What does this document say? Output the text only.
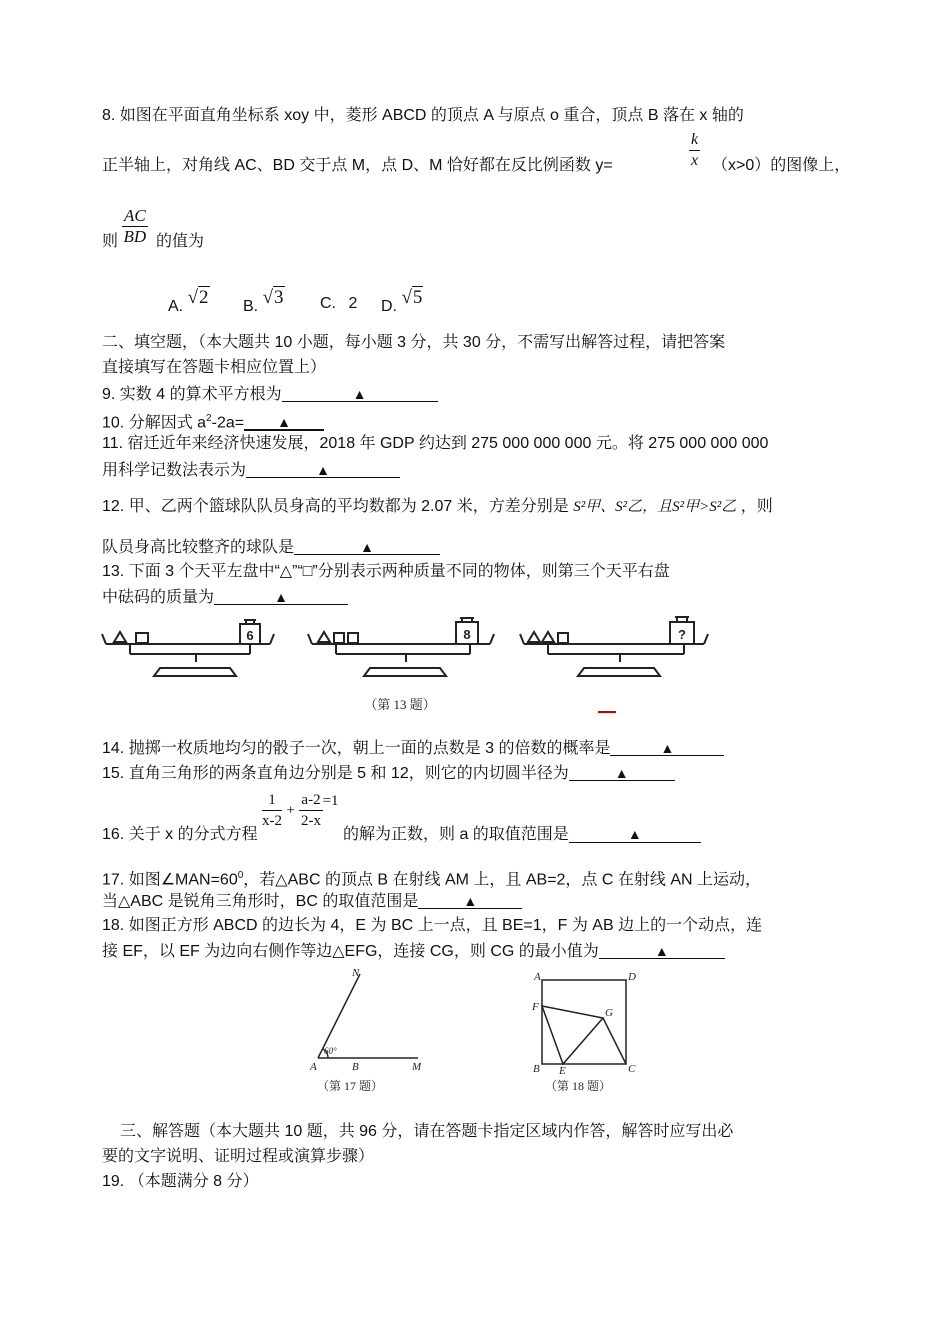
8. 如图在平面直角坐标系 xoy 中，菱形 ABCD 的顶点 A 与原点 o 重合，顶点 B 落在 x 轴的
$\frac{k}{x}$
正半轴上，对角线 AC、BD 交于点 M，点 D、M 恰好都在反比例函数 y=	（x>0）的图像上，
$\frac{AC}{BD}$
则 的值为
A. √2 B. √3 C. 2 D. √5
二、填空题，（本大题共 10 小题，每小题 3 分，共 30 分，不需写出解答过程，请把答案
直接填写在答题卡相应位置上）
9. 实数 4 的算术平方根为	▲
10. 分解因式 $a^2-2a=$ ▲
11. 宿迁近年来经济快速发展，2018 年 GDP 约达到 275 000 000 000 元。将 275 000 000 000
用科学记数法表示为	▲
12. 甲、乙两个篮球队队员身高的平均数都为 2.07 米，方差分别是 S²甲、S²乙，且S²甲>S²乙 ，则
队员身高比较整齐的球队是	▲
13. 下面 3 个天平左盘中“△”“□”分别表示两种质量不同的物体，则第三个天平右盘
中砝码的质量为	▲
6	8	?
（第 13 题）
14. 抛掷一枚质地均匀的骰子一次，朝上一面的点数是 3 的倍数的概率是	▲
15. 直角三角形的两条直角边分别是 5 和 12，则它的内切圆半径为	▲
16. 关于 x 的分式方程
$\frac{1}{x-2} + \frac{a-2}{2-x} =1$ 的解为正数，则 a 的取值范围是	▲
17. 如图$\angle MAN=60^0$，若△ABC 的顶点 B 在射线 AM 上，且 AB=2，点 C 在射线 AN 上运动，
当△ABC 是锐角三角形时，BC 的取值范围是	▲
18. 如图正方形 ABCD 的边长为 4，E 为 BC 上一点，且 BE=1，F 为 AB 边上的一个动点，连
接 EF，以 EF 为边向右侧作等边△EFG，连接 CG，则 CG 的最小值为	▲
N
60°
A	B	M
（第 17 题）
A	D
F	G
B E	C
（第 18 题）
三、解答题（本大题共 10 题，共 96 分，请在答题卡指定区域内作答，解答时应写出必
要的文字说明、证明过程或演算步骤）
19. （本题满分 8 分）
